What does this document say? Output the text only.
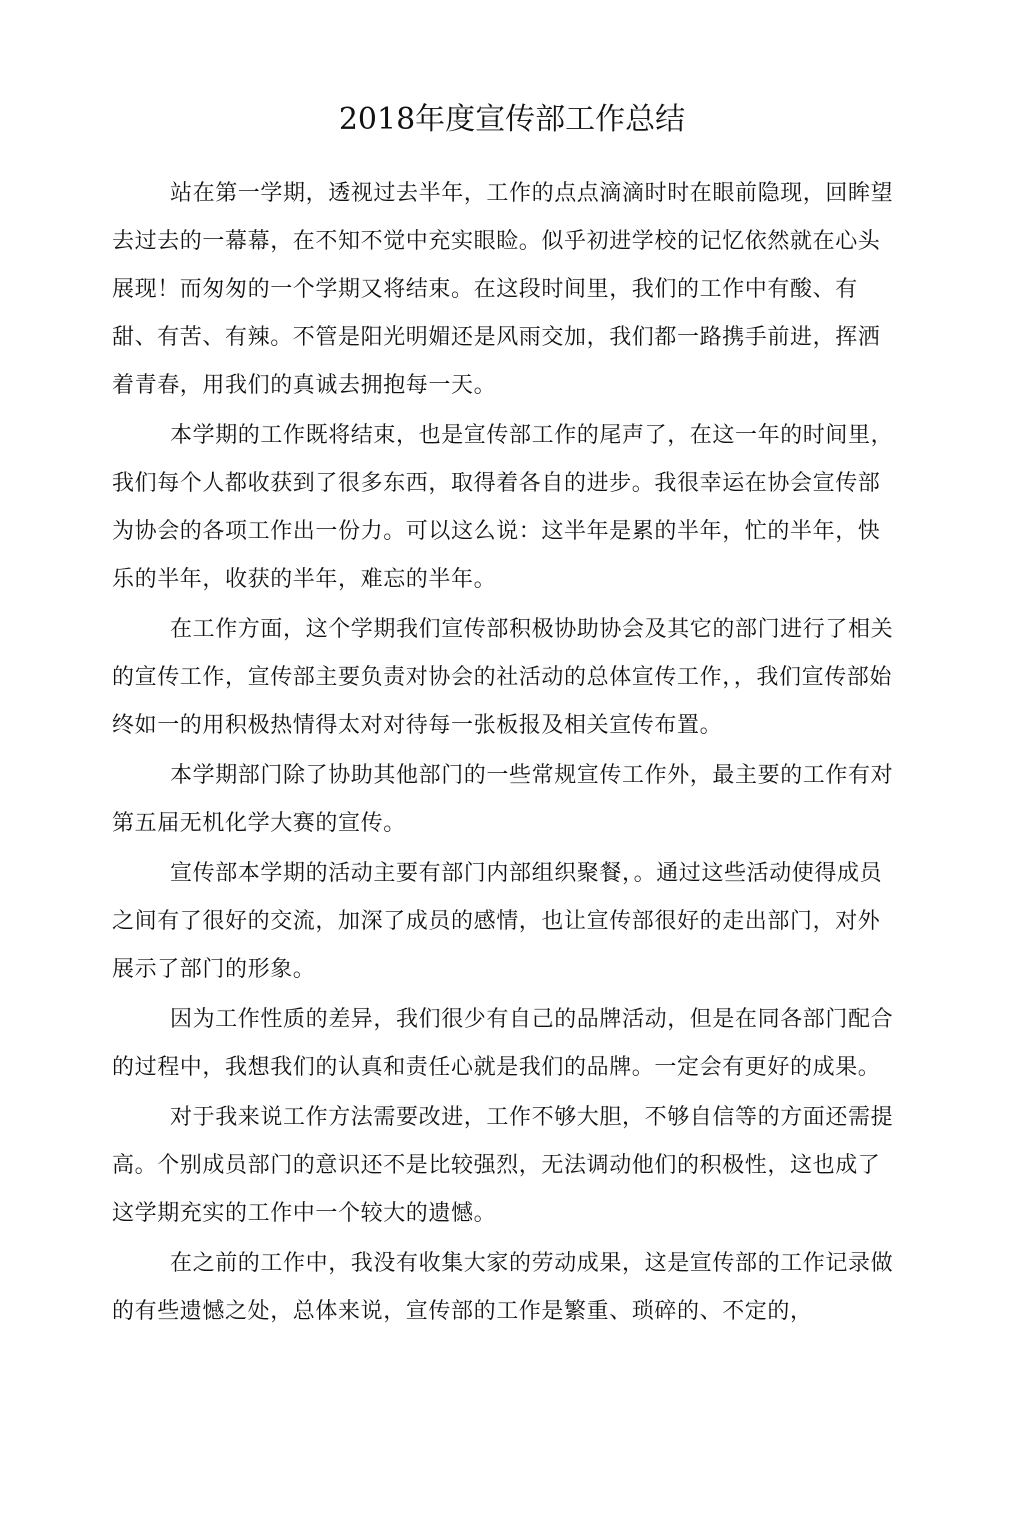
2018年度宣传部工作总结

站在第一学期，透视过去半年，工作的点点滴滴时时在眼前隐现，回眸望去过去的一幕幕，在不知不觉中充实眼睑。似乎初进学校的记忆依然就在心头展现！而匆匆的一个学期又将结束。在这段时间里，我们的工作中有酸、有甜、有苦、有辣。不管是阳光明媚还是风雨交加，我们都一路携手前进，挥洒着青春，用我们的真诚去拥抱每一天。

本学期的工作既将结束，也是宣传部工作的尾声了，在这一年的时间里，我们每个人都收获到了很多东西，取得着各自的进步。我很幸运在协会宣传部为协会的各项工作出一份力。可以这么说：这半年是累的半年，忙的半年，快乐的半年，收获的半年，难忘的半年。

在工作方面，这个学期我们宣传部积极协助协会及其它的部门进行了相关的宣传工作，宣传部主要负责对协会的社活动的总体宣传工作，，我们宣传部始终如一的用积极热情得太对对待每一张板报及相关宣传布置。

本学期部门除了协助其他部门的一些常规宣传工作外，最主要的工作有对第五届无机化学大赛的宣传。

宣传部本学期的活动主要有部门内部组织聚餐，。通过这些活动使得成员之间有了很好的交流，加深了成员的感情，也让宣传部很好的走出部门，对外展示了部门的形象。

因为工作性质的差异，我们很少有自己的品牌活动，但是在同各部门配合的过程中，我想我们的认真和责任心就是我们的品牌。一定会有更好的成果。

对于我来说工作方法需要改进，工作不够大胆，不够自信等的方面还需提高。个别成员部门的意识还不是比较强烈，无法调动他们的积极性，这也成了这学期充实的工作中一个较大的遗憾。

在之前的工作中，我没有收集大家的劳动成果，这是宣传部的工作记录做的有些遗憾之处，总体来说，宣传部的工作是繁重、琐碎的、不定的，
